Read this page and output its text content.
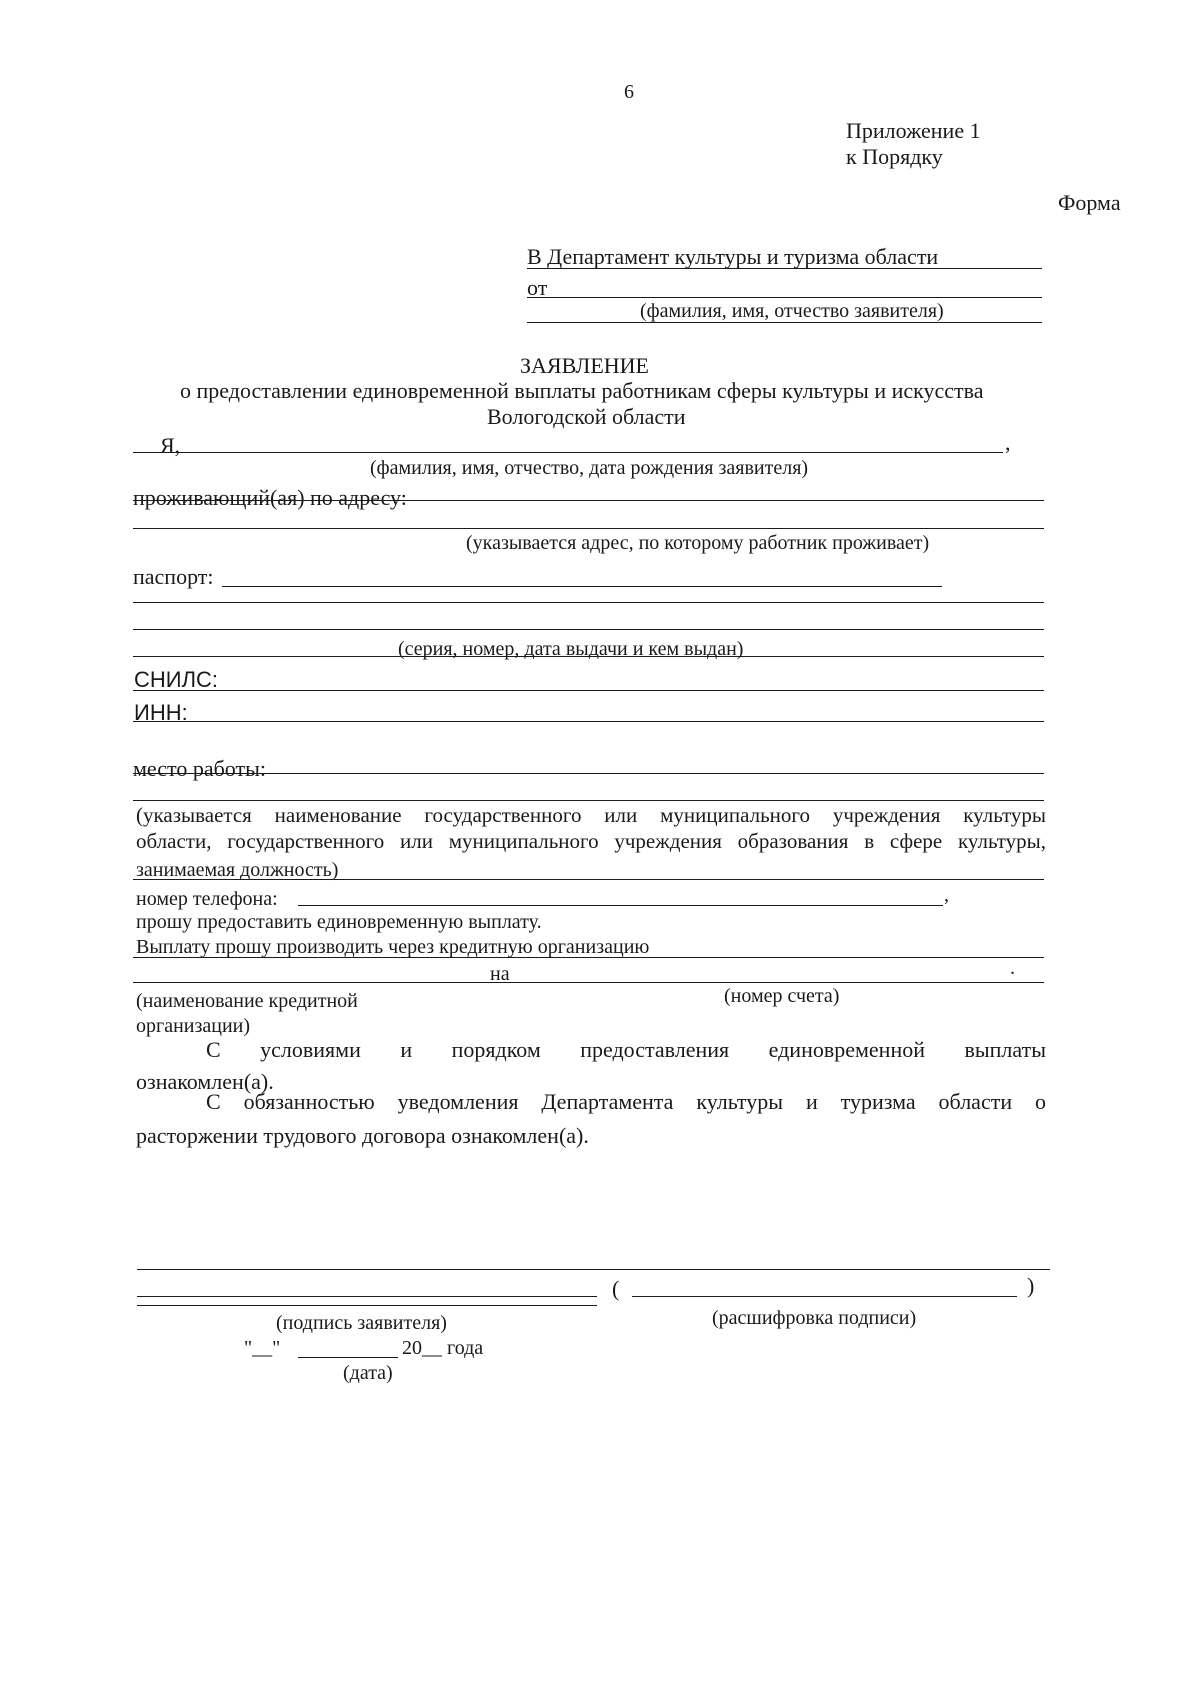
6
Приложение 1
к Порядку
Форма
В Департамент культуры и туризма области
от
(фамилия, имя, отчество заявителя)
ЗАЯВЛЕНИЕ
о предоставлении единовременной выплаты работникам сферы культуры и искусства
Вологодской области
Я,	,
(фамилия, имя, отчество, дата рождения заявителя)
проживающий(ая) по адресу:
(указывается адрес, по которому работник проживает)
паспорт:
(серия, номер, дата выдачи и кем выдан)
СНИЛС:
ИНН:
место работы:
(указывается наименование государственного или муниципального учреждения культуры
области, государственного или муниципального учреждения образования в сфере культуры,
занимаемая должность)
номер телефона:	,
прошу предоставить единовременную выплату.
Выплату прошу производить через кредитную организацию
на	.
(наименование кредитной	(номер счета)
организации)
С условиями и порядком предоставления единовременной выплаты
ознакомлен(а).
С обязанностью уведомления Департамента культуры и туризма области о
расторжении трудового договора ознакомлен(а).
(	)
(подпись заявителя)	(расшифровка подписи)
"__"	20__ года
(дата)
